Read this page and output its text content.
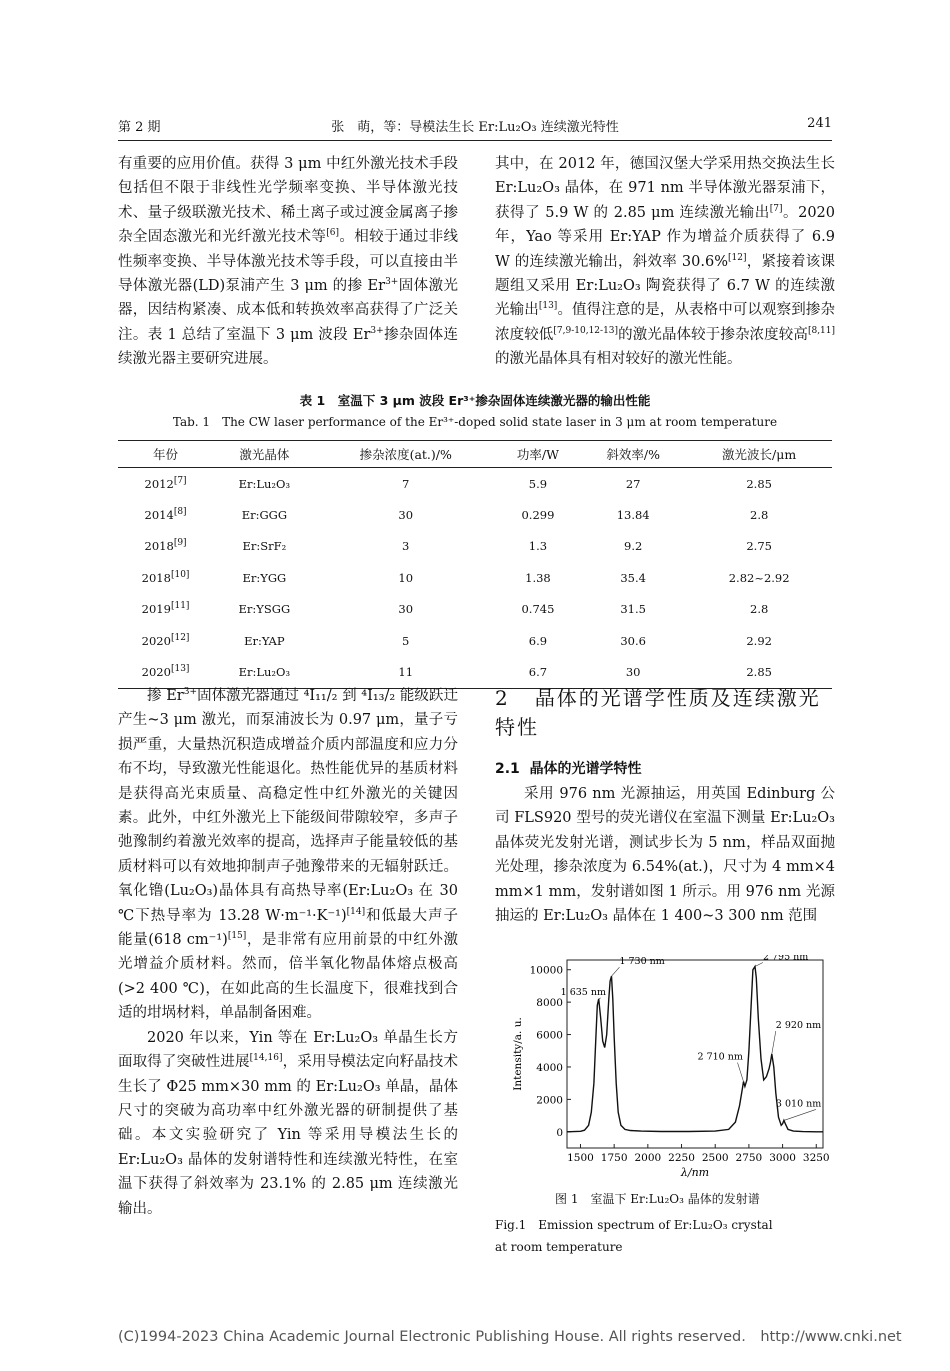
第 2 期	张　萌，等：导模法生长 Er:Lu₂O₃ 连续激光特性	241
有重要的应用价值。获得 3 μm 中红外激光技术手段包括但不限于非线性光学频率变换、半导体激光技术、量子级联激光技术、稀土离子或过渡金属离子掺杂全固态激光和光纤激光技术等[6]。相较于通过非线性频率变换、半导体激光技术等手段，可以直接由半导体激光器(LD)泵浦产生 3 μm 的掺 $Er^{3+}$固体激光器，因结构紧凑、成本低和转换效率高获得了广泛关注。表 1 总结了室温下 3 μm 波段 $Er^{3+}$掺杂固体连续激光器主要研究进展。
其中，在 2012 年，德国汉堡大学采用热交换法生长 Er:Lu₂O₃ 晶体，在 971 nm 半导体激光器泵浦下，获得了 5.9 W 的 2.85 μm 连续激光输出[7]。2020 年，Yao 等采用 Er:YAP 作为增益介质获得了 6.9 W 的连续激光输出，斜效率 30.6%[12]，紧接着该课题组又采用 Er:Lu₂O₃ 陶瓷获得了 6.7 W 的连续激光输出[13]。值得注意的是，从表格中可以观察到掺杂浓度较低[7,9-10,12-13]的激光晶体较于掺杂浓度较高[8,11]的激光晶体具有相对较好的激光性能。
表 1　室温下 3 μm 波段 Er³⁺掺杂固体连续激光器的输出性能
Tab. 1　The CW laser performance of the Er³⁺-doped solid state laser in 3 μm at room temperature
年份	激光晶体	掺杂浓度(at.)/%	功率/W	斜效率/%	激光波长/μm
2012[7]	Er:Lu₂O₃	7	5.9	27	2.85
2014[8]	Er:GGG	30	0.299	13.84	2.8
2018[9]	Er:SrF₂	3	1.3	9.2	2.75
2018[10]	Er:YGG	10	1.38	35.4	2.82~2.92
2019[11]	Er:YSGG	30	0.745	31.5	2.8
2020[12]	Er:YAP	5	6.9	30.6	2.92
2020[13]	Er:Lu₂O₃	11	6.7	30	2.85

掺 $Er^{3+}$固体激光器通过 ⁴I₁₁/₂ 到 ⁴I₁₃/₂ 能级跃迁产生~3 μm 激光，而泵浦波长为 0.97 μm，量子亏损严重，大量热沉积造成增益介质内部温度和应力分布不均，导致激光性能退化。热性能优异的基质材料是获得高光束质量、高稳定性中红外激光的关键因素。此外，中红外激光上下能级间带隙较窄，多声子弛豫制约着激光效率的提高，选择声子能量较低的基质材料可以有效地抑制声子弛豫带来的无辐射跃迁。氧化镥(Lu₂O₃)晶体具有高热导率(Er:Lu₂O₃ 在 30 ℃下热导率为 13.28 W·m⁻¹·K⁻¹)[14]和低最大声子能量(618 cm⁻¹)[15]，是非常有应用前景的中红外激光增益介质材料。然而，倍半氧化物晶体熔点极高(>2 400 ℃)，在如此高的生长温度下，很难找到合适的坩埚材料，单晶制备困难。

2020 年以来，Yin 等在 Er:Lu₂O₃ 单晶生长方面取得了突破性进展[14,16]，采用导模法定向籽晶技术生长了 Φ25 mm×30 mm 的 Er:Lu₂O₃ 单晶，晶体尺寸的突破为高功率中红外激光器的研制提供了基础。本文实验研究了 Yin 等采用导模法生长的 Er:Lu₂O₃ 晶体的发射谱特性和连续激光特性，在室温下获得了斜效率为 23.1% 的 2.85 μm 连续激光输出。

2 晶体的光谱学性质及连续激光特性
2.1 晶体的光谱学特性

采用 976 nm 光源抽运，用英国 Edinburg 公司 FLS920 型号的荧光谱仪在室温下测量 Er:Lu₂O₃ 晶体荧光发射光谱，测试步长为 5 nm，样品双面抛光处理，掺杂浓度为 6.54%(at.)，尺寸为 4 mm×4 mm×1 mm，发射谱如图 1 所示。用 976 nm 光源抽运的 Er:Lu₂O₃ 晶体在 1 400~3 300 nm 范围

1500 1750 2000 2250 2500 2750 3000 3250
0
2000
4000
6000
8000
10000
λ/nm
Intensity/a. u.
1 635 nm
1 730 nm	2 795 nm
2 710 nm
2 920 nm
3 010 nm
图 1　室温下 Er:Lu₂O₃ 晶体的发射谱
Fig.1　Emission spectrum of Er:Lu₂O₃ crystal at room temperature
(C)1994-2023 China Academic Journal Electronic Publishing House. All rights reserved.　http://www.cnki.net
